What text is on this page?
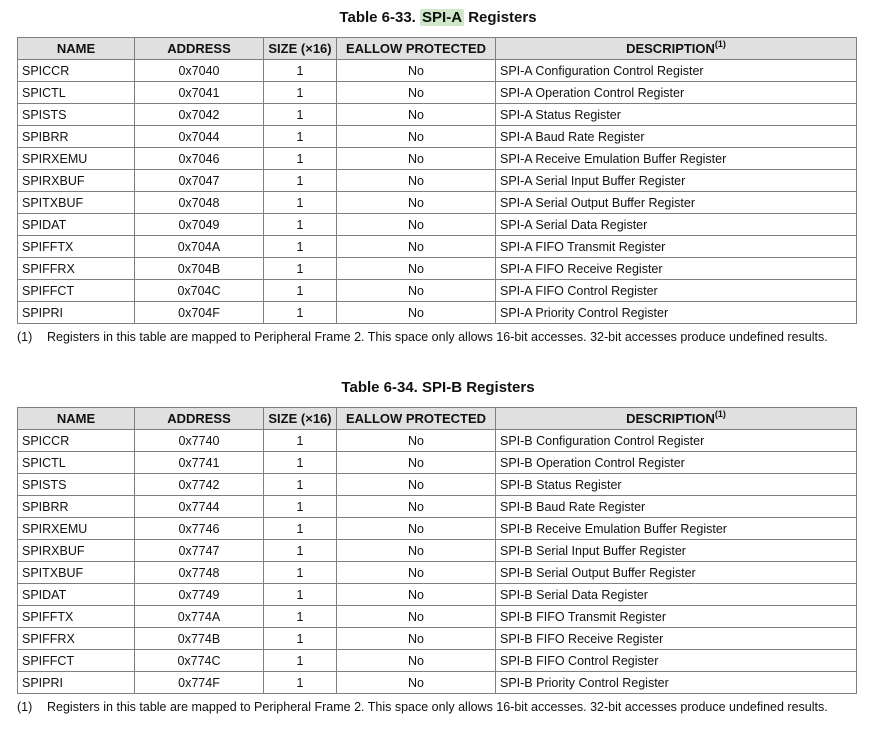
Table 6-33. SPI-A Registers
NAME	ADDRESS	SIZE (×16)	EALLOW PROTECTED	DESCRIPTION$^{(1)}$
SPICCR	0x7040	1	No	SPI-A Configuration Control Register
SPICTL	0x7041	1	No	SPI-A Operation Control Register
SPISTS	0x7042	1	No	SPI-A Status Register
SPIBRR	0x7044	1	No	SPI-A Baud Rate Register
SPIRXEMU	0x7046	1	No	SPI-A Receive Emulation Buffer Register
SPIRXBUF	0x7047	1	No	SPI-A Serial Input Buffer Register
SPITXBUF	0x7048	1	No	SPI-A Serial Output Buffer Register
SPIDAT	0x7049	1	No	SPI-A Serial Data Register
SPIFFTX	0x704A	1	No	SPI-A FIFO Transmit Register
SPIFFRX	0x704B	1	No	SPI-A FIFO Receive Register
SPIFFCT	0x704C	1	No	SPI-A FIFO Control Register
SPIPRI	0x704F	1	No	SPI-A Priority Control Register
(1) Registers in this table are mapped to Peripheral Frame 2. This space only allows 16-bit accesses. 32-bit accesses produce undefined results.
Table 6-34. SPI-B Registers
NAME	ADDRESS	SIZE (×16)	EALLOW PROTECTED	DESCRIPTION$^{(1)}$
SPICCR	0x7740	1	No	SPI-B Configuration Control Register
SPICTL	0x7741	1	No	SPI-B Operation Control Register
SPISTS	0x7742	1	No	SPI-B Status Register
SPIBRR	0x7744	1	No	SPI-B Baud Rate Register
SPIRXEMU	0x7746	1	No	SPI-B Receive Emulation Buffer Register
SPIRXBUF	0x7747	1	No	SPI-B Serial Input Buffer Register
SPITXBUF	0x7748	1	No	SPI-B Serial Output Buffer Register
SPIDAT	0x7749	1	No	SPI-B Serial Data Register
SPIFFTX	0x774A	1	No	SPI-B FIFO Transmit Register
SPIFFRX	0x774B	1	No	SPI-B FIFO Receive Register
SPIFFCT	0x774C	1	No	SPI-B FIFO Control Register
SPIPRI	0x774F	1	No	SPI-B Priority Control Register
(1) Registers in this table are mapped to Peripheral Frame 2. This space only allows 16-bit accesses. 32-bit accesses produce undefined results.
